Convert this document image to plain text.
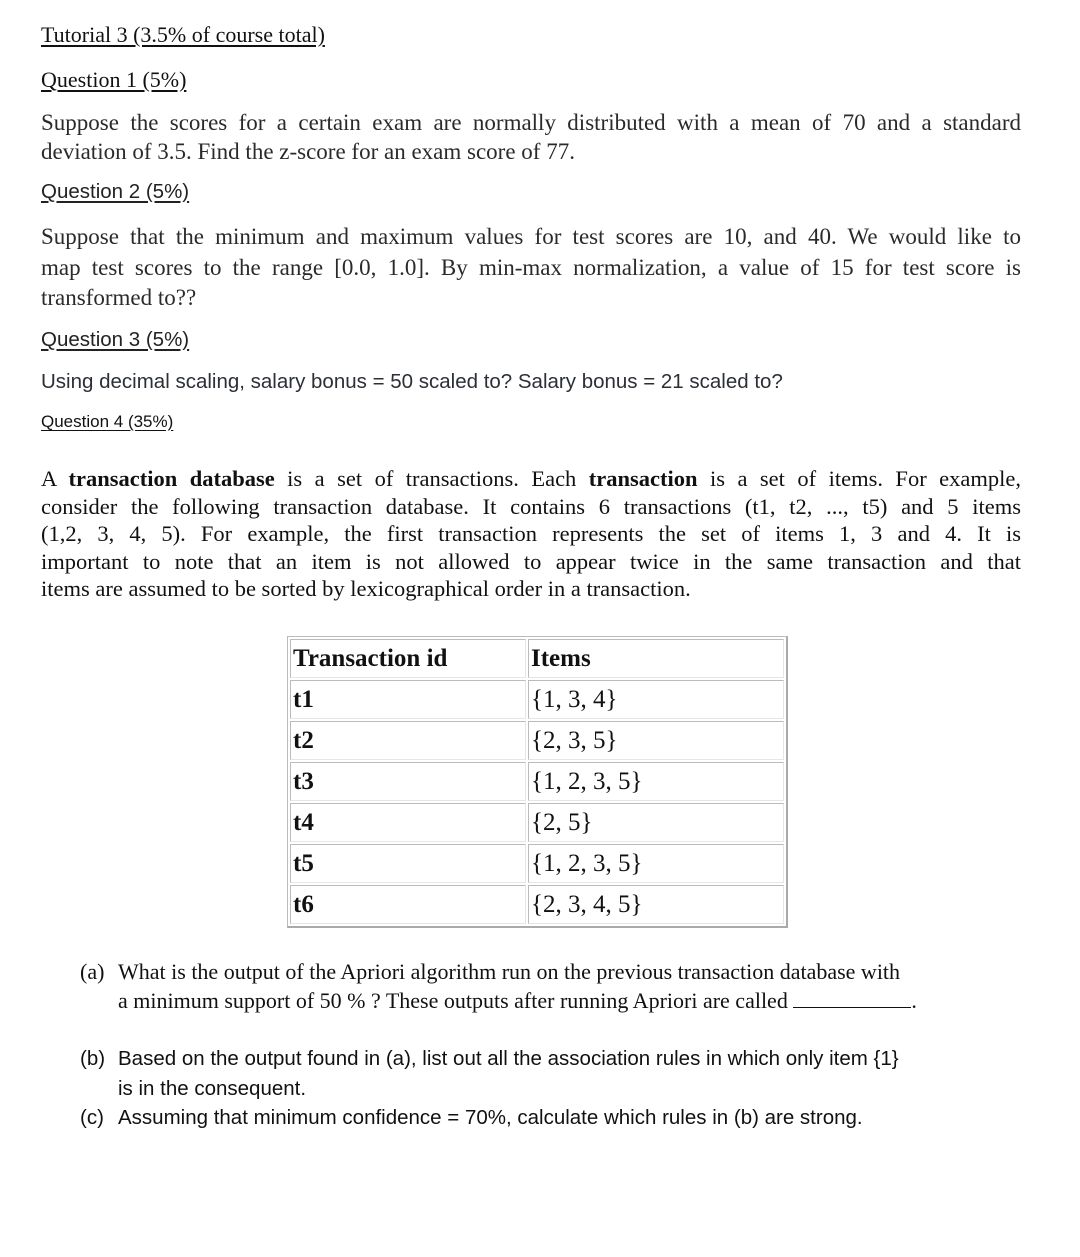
Tutorial 3 (3.5% of course total)
Question 1 (5%)
Suppose the scores for a certain exam are normally distributed with a mean of 70 and a standard
deviation of 3.5. Find the z-score for an exam score of 77.
Question 2 (5%)
Suppose that the minimum and maximum values for test scores are 10, and 40. We would like to
map test scores to the range [0.0, 1.0]. By min-max normalization, a value of 15 for test score is
transformed to??
Question 3 (5%)
Using decimal scaling, salary bonus = 50 scaled to? Salary bonus = 21 scaled to?
Question 4 (35%)
A transaction database is a set of transactions. Each transaction is a set of items. For example,
consider the following transaction database. It contains 6 transactions (t1, t2, ..., t5) and 5 items
(1,2, 3, 4, 5). For example, the first transaction represents the set of items 1, 3 and 4. It is
important to note that an item is not allowed to appear twice in the same transaction and that
items are assumed to be sorted by lexicographical order in a transaction.
Transaction id	Items
t1	{1, 3, 4}
t2	{2, 3, 5}
t3	{1, 2, 3, 5}
t4	{2, 5}
t5	{1, 2, 3, 5}
t6	{2, 3, 4, 5}
(a) What is the output of the Apriori algorithm run on the previous transaction database with
a minimum support of 50 % ? These outputs after running Apriori are called	.
(b) Based on the output found in (a), list out all the association rules in which only item {1}
is in the consequent.
(c) Assuming that minimum confidence = 70%, calculate which rules in (b) are strong.
